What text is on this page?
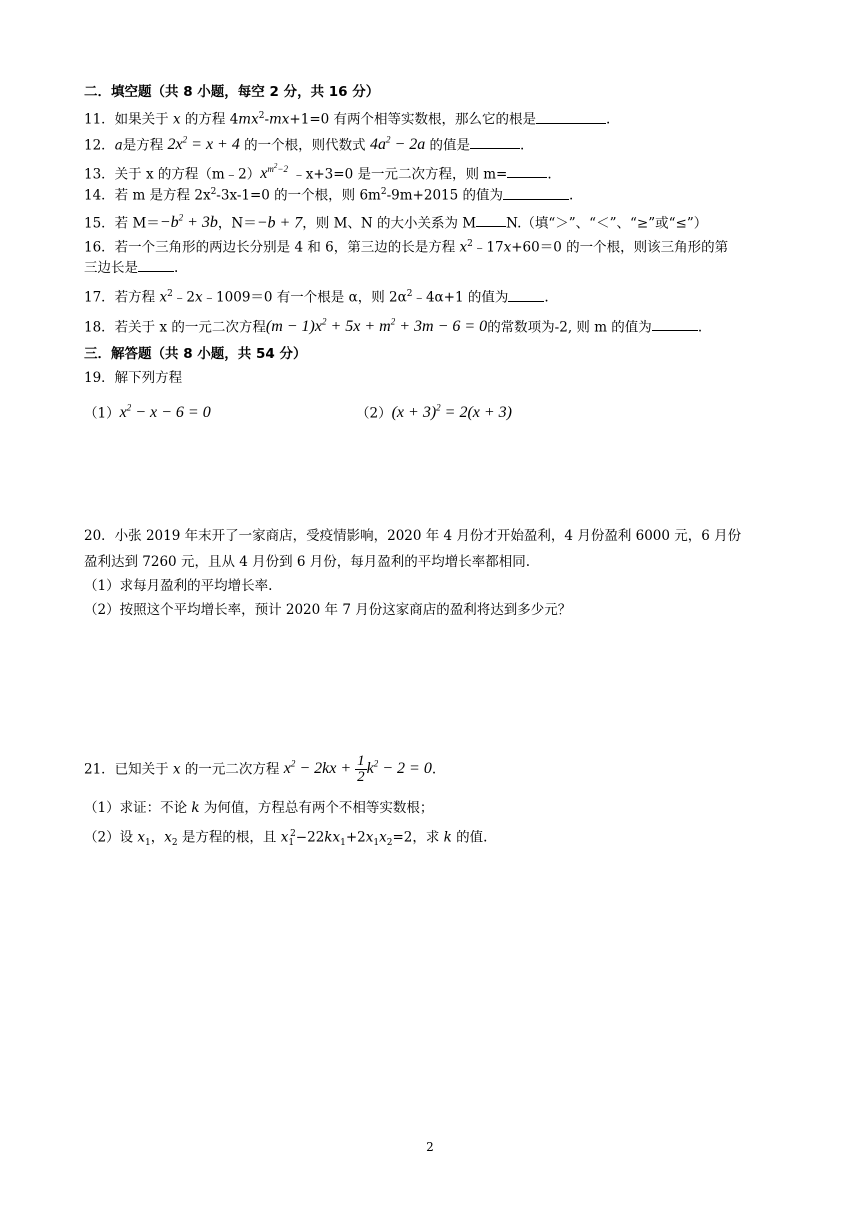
二．填空题（共 8 小题，每空 2 分，共 16 分）
11．如果关于 x 的方程 $4mx^2-mx+1=0$ 有两个相等实数根，那么它的根是	.
12．a是方程 $2x^2 = x + 4$ 的一个根，则代数式 $4a^2 - 2a$ 的值是	.
13．关于 x 的方程$(m﹣2)x^{m^2-2}$ ﹣x+3=0 是一元二次方程，则 m=	.
14．若 m 是方程 $2x^2-3x-1=0$ 的一个根，则 $6m^2-9m+2015$ 的值为	.
15．若 $M=-b^2 + 3b$，N＝−b + 7，则 M、N 的大小关系为 M N.（填“＞”、“＜”、“≥”或“≤”）
16．若一个三角形的两边长分别是 4 和 6，第三边的长是方程 $x^2﹣17x+60=0$ 的一个根，则该三角形的第
三边长是	.
17．若方程 $x^2﹣2x﹣1009=0$ 有一个根是 α，则 $2\alpha^2﹣4\alpha+1$ 的值为	.
18．若关于 x 的一元二次方程$(m - 1)x^2 + 5x + m^2 + 3m - 6 = 0$的常数项为-2, 则 m 的值为	.
三．解答题（共 8 小题，共 54 分）
19．解下列方程
$(1)x^2 - x - 6 = 0$	$(2)(x + 3)^2 = 2(x + 3)$
20．小张 2019 年末开了一家商店，受疫情影响，2020 年 4 月份才开始盈利，4 月份盈利 6000 元，6 月份
盈利达到 7260 元，且从 4 月份到 6 月份，每月盈利的平均增长率都相同.
（1）求每月盈利的平均增长率.
（2）按照这个平均增长率，预计 2020 年 7 月份这家商店的盈利将达到多少元？
21．已知关于 x 的一元二次方程 $x^2 - 2kx + \frac{1}{2} k^2 - 2 = 0$.
（1）求证：不论 k 为何值，方程总有两个不相等实数根；
（2）设 $x_1$，$x_2$ 是方程的根，且 $x_1^2-22kx_1+2x_1x_2=2$，求 k 的值.
2
